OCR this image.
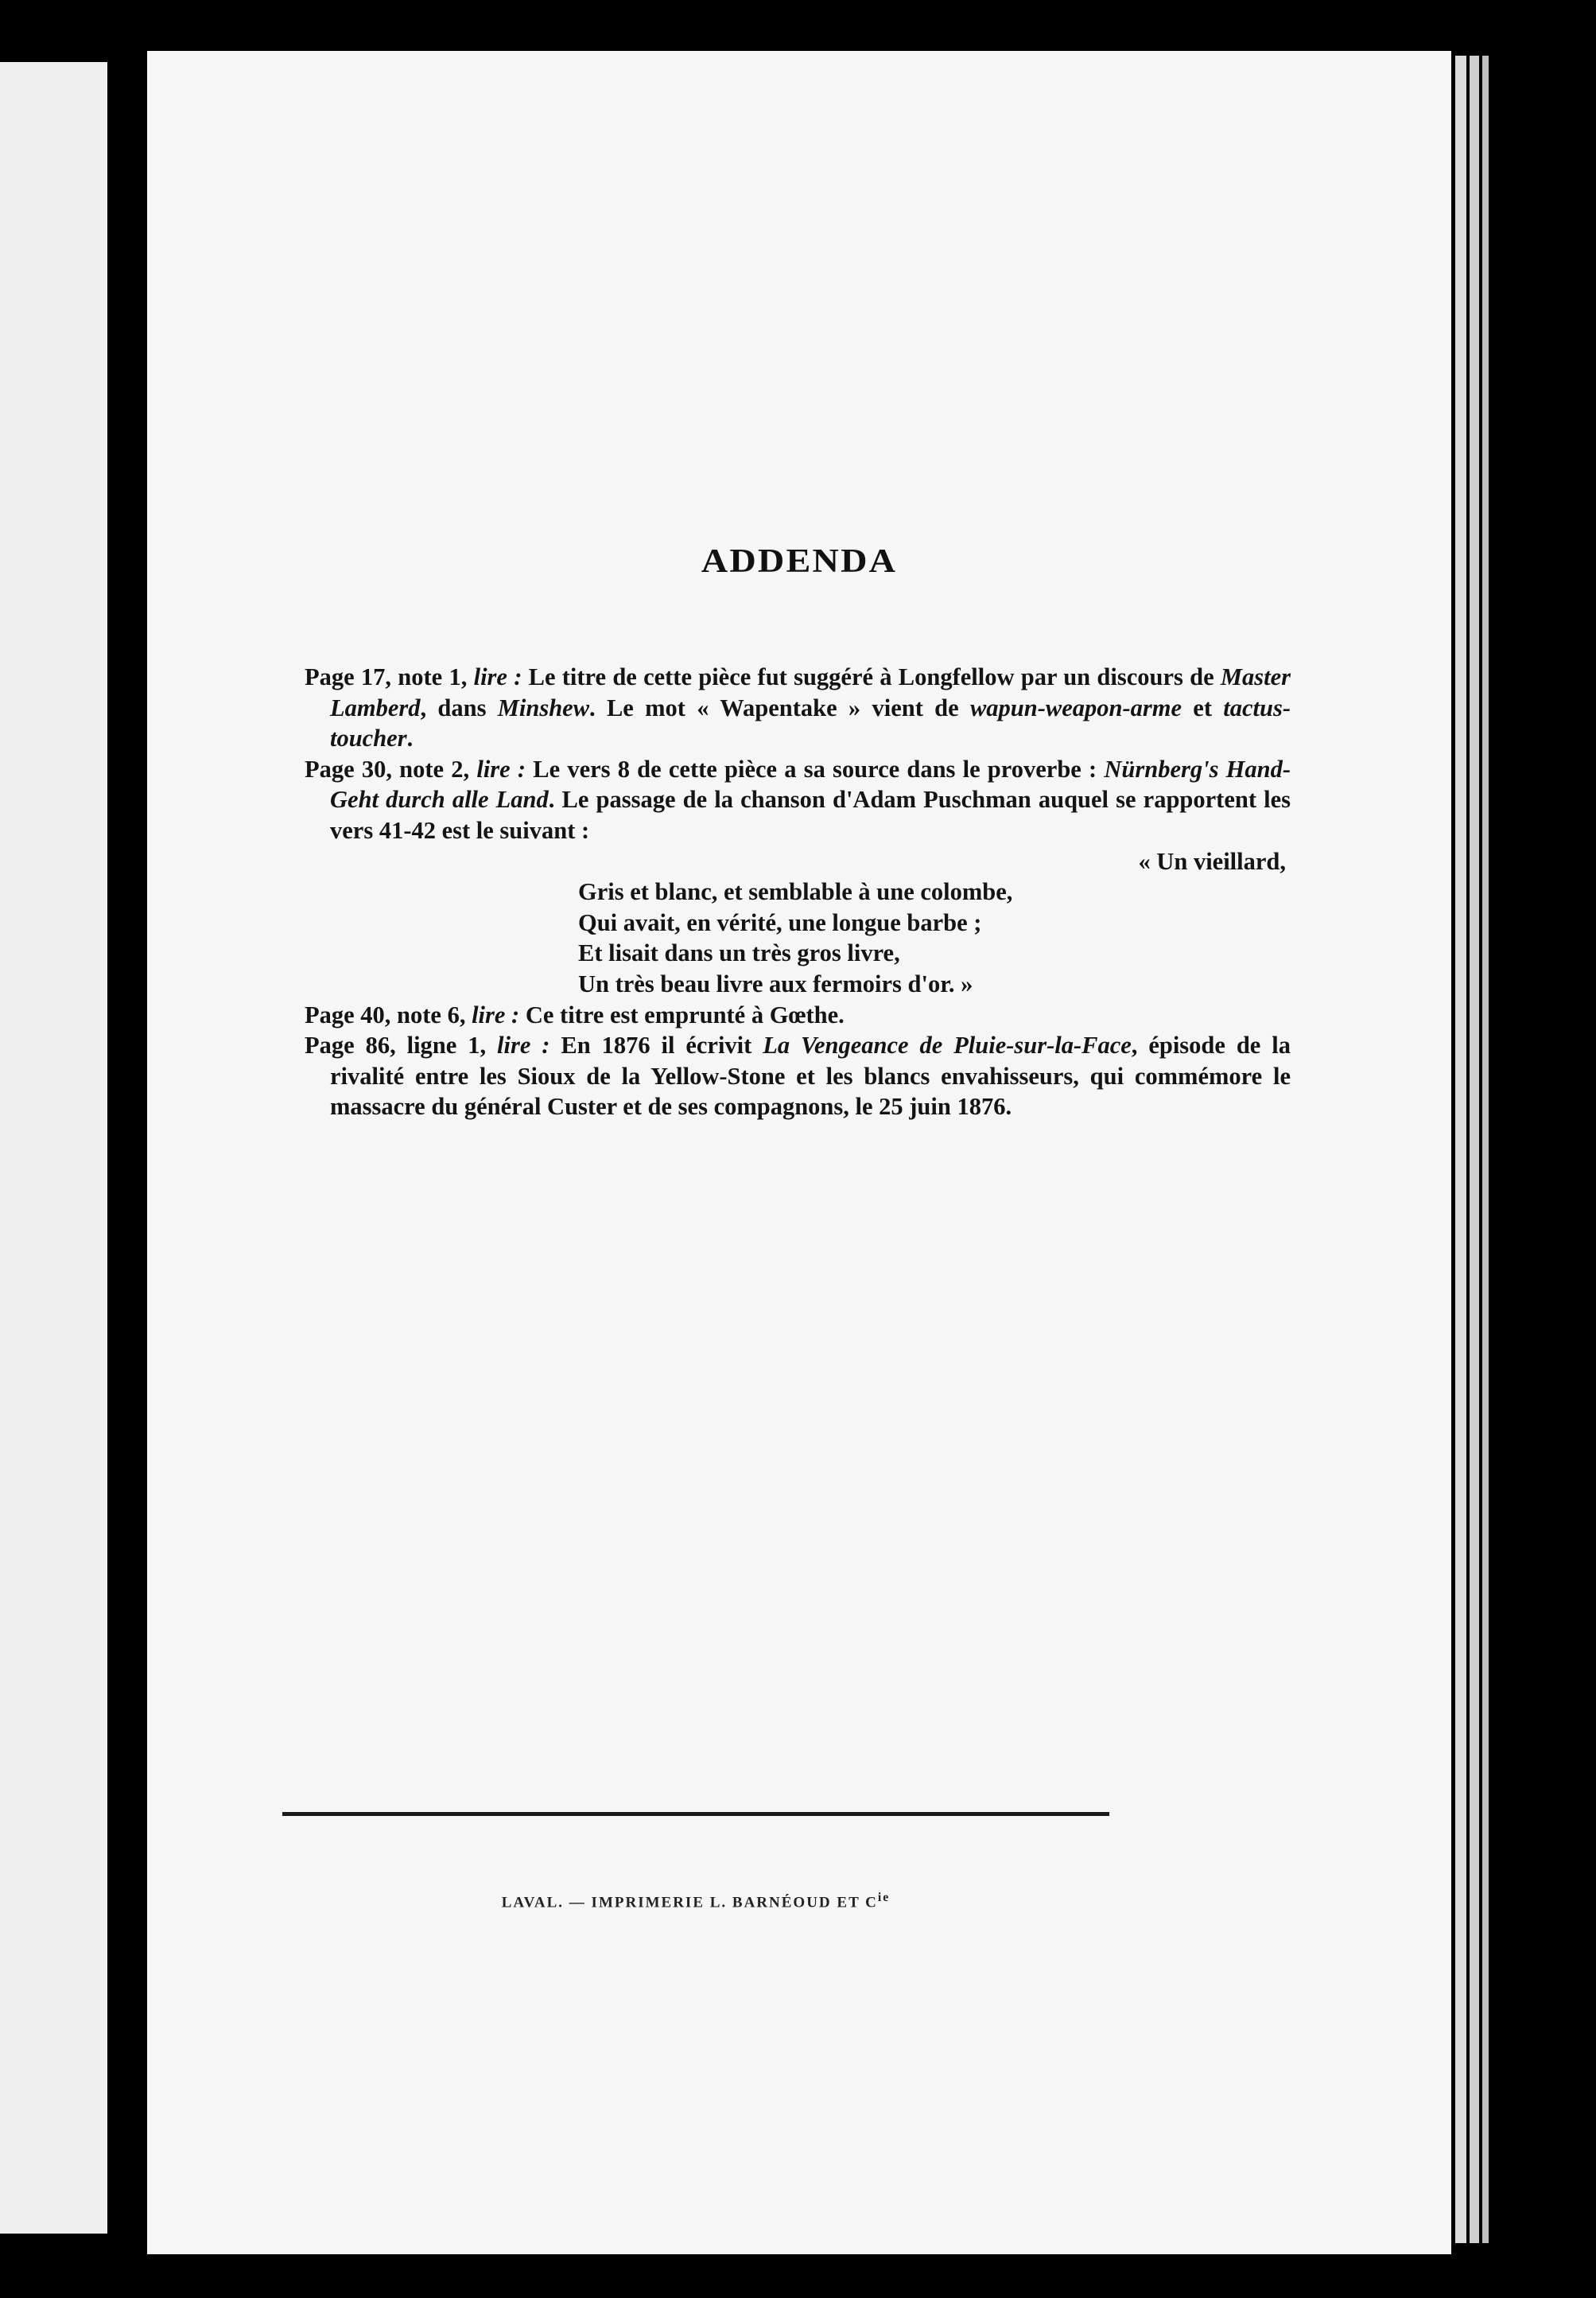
ADDENDA

Page 17, note 1, lire : Le titre de cette pièce fut suggéré à Longfellow par un discours de Master Lamberd, dans Minshew. Le mot « Wapentake » vient de wapun-weapon-arme et tactus-toucher.

Page 30, note 2, lire : Le vers 8 de cette pièce a sa source dans le proverbe : Nürnberg's Hand-Geht durch alle Land. Le passage de la chanson d'Adam Puschman auquel se rapportent les vers 41-42 est le suivant :

« Un vieillard,
Gris et blanc, et semblable à une colombe,
Qui avait, en vérité, une longue barbe ;
Et lisait dans un très gros livre,
Un très beau livre aux fermoirs d'or. »

Page 40, note 6, lire : Ce titre est emprunté à Gœthe.

Page 86, ligne 1, lire : En 1876 il écrivit La Vengeance de Pluie-sur-la-Face, épisode de la rivalité entre les Sioux de la Yellow-Stone et les blancs envahisseurs, qui commémore le massacre du général Custer et de ses compagnons, le 25 juin 1876.

LAVAL. — IMPRIMERIE L. BARNÉOUD ET $C^{ie}$
